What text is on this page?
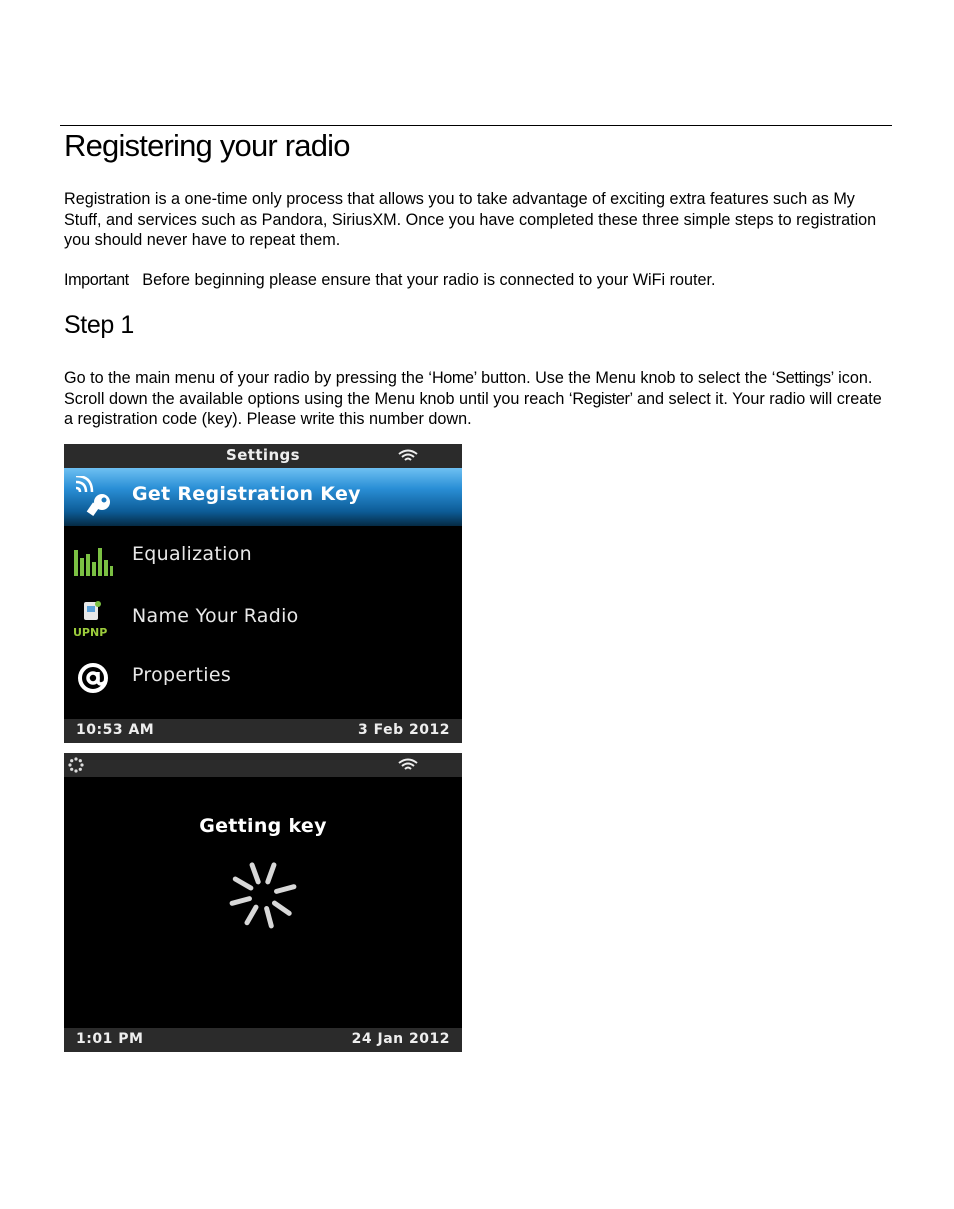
Registering your radio

Registration is a one-time only process that allows you to take advantage of exciting extra features such as My Stuff, and services such as Pandora, SiriusXM. Once you have completed these three simple steps to registration you should never have to repeat them.

Important Before beginning please ensure that your radio is connected to your WiFi router.

Step 1

Go to the main menu of your radio by pressing the ‘Home’ button. Use the Menu knob to select the ‘Settings’ icon. Scroll down the available options using the Menu knob until you reach ‘Register’ and select it. Your radio will create a registration code (key). Please write this number down.

Settings
Get Registration Key
Equalization
UPNP
Name Your Radio
Properties
10:53 AM	3 Feb 2012
Getting key
1:01 PM	24 Jan 2012
